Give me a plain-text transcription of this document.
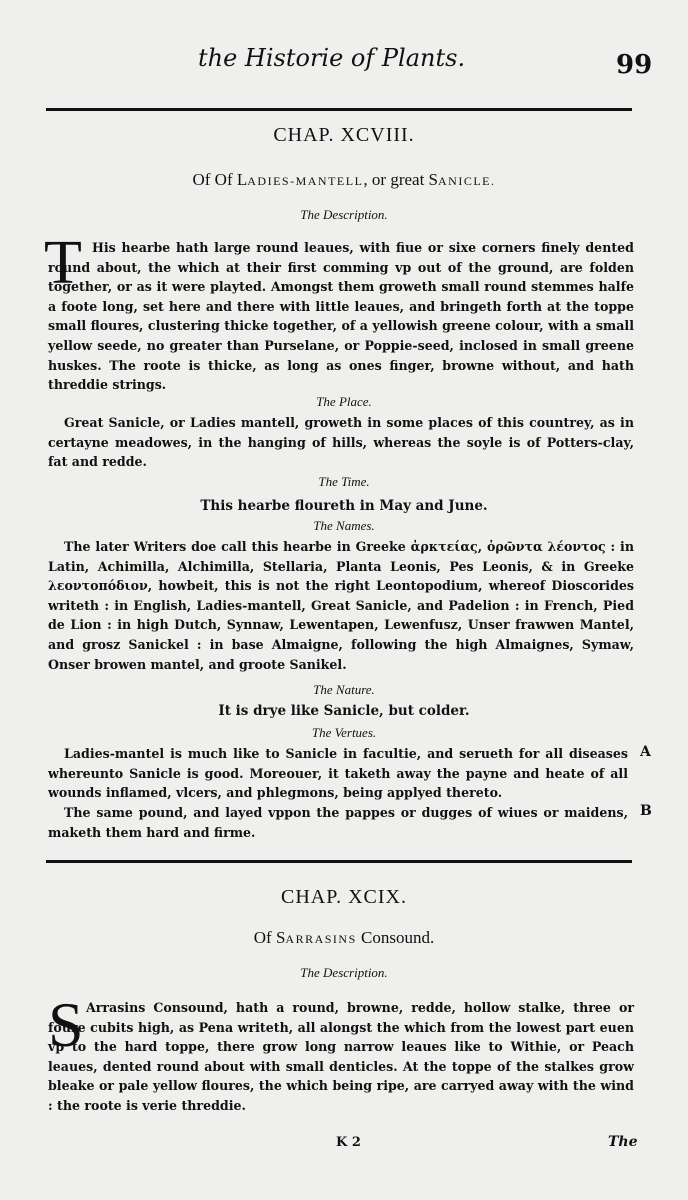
the Historie of Plants.	99
CHAP. XCVIII.
Of Of LADIES-MANTELL, or great SANICLE.
The Description.
T His hearbe hath large round leaues, with fiue or sixe corners finely dented round about, the which at their first comming vp out of the ground, are folden together, or as it were playted. Amongst them groweth small round stemmes halfe a foote long, set here and there with little leaues, and bringeth forth at the toppe small floures, clustering thicke together, of a yellowish greene colour, with a small yellow seede, no greater than Purselane, or Poppie-seed, inclosed in small greene huskes. The roote is thicke, as long as ones finger, browne without, and hath threddie strings.

The Place.

Great Sanicle, or Ladies mantell, groweth in some places of this countrey, as in certayne meadowes, in the hanging of hills, whereas the soyle is of Potters-clay, fat and redde.

The Time.
This hearbe floureth in May and June.
The Names.

The later Writers doe call this hearbe in Greeke ἀρκτείας, ὁρῶντα λέοντος : in Latin, Achimilla, Alchimilla, Stellaria, Planta Leonis, Pes Leonis, & in Greeke λεοντοπόδιον, howbeit, this is not the right Leontopodium, whereof Dioscorides writeth : in English, Ladies-mantell, Great Sanicle, and Padelion : in French, Pied de Lion : in high Dutch, Synnaw, Lewentapen, Lewenfusz, Unser frawwen Mantel, and grosz Sanickel : in base Almaigne, following the high Almaignes, Symaw, Onser browen mantel, and groote Sanikel.

The Nature.
It is drye like Sanicle, but colder.
The Vertues.

Ladies-mantel is much like to Sanicle in facultie, and serueth for all diseases whereunto Sanicle is good. Moreouer, it taketh away the payne and heate of all wounds inflamed, vlcers, and phlegmons, being applyed thereto.

The same pound, and layed vppon the pappes or dugges of wiues or maidens, maketh them hard and firme.

A
B
CHAP. XCIX.
Of SARRASINS Consound.
The Description.
S Arrasins Consound, hath a round, browne, redde, hollow stalke, three or foure cubits high, as Pena writeth, all alongst the which from the lowest part euen vp to the hard toppe, there grow long narrow leaues like to Withie, or Peach leaues, dented round about with small denticles. At the toppe of the stalkes grow bleake or pale yellow floures, the which being ripe, are carryed away with the wind : the roote is verie threddie.

K 2	The
